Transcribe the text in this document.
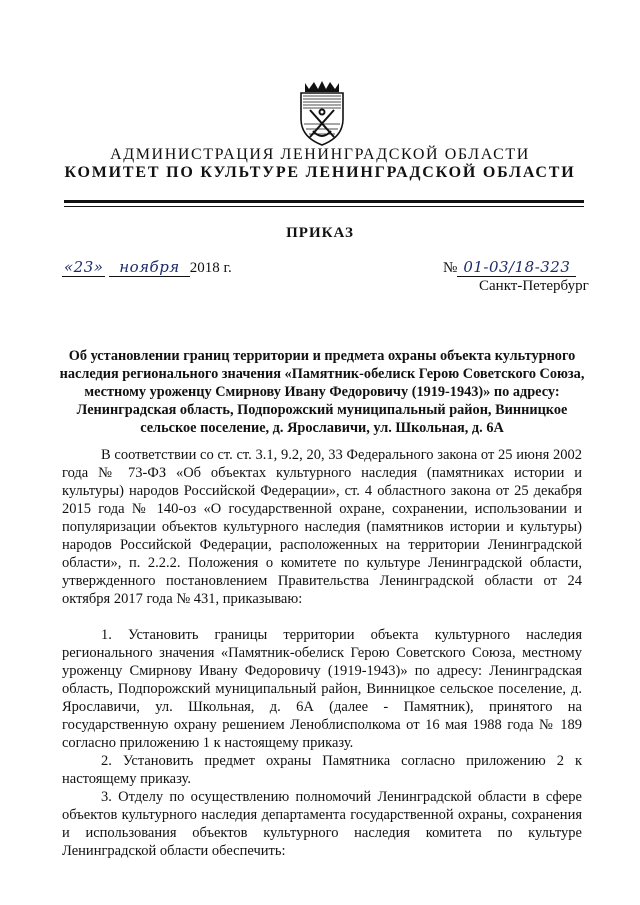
АДМИНИСТРАЦИЯ ЛЕНИНГРАДСКОЙ ОБЛАСТИ
КОМИТЕТ ПО КУЛЬТУРЕ ЛЕНИНГРАДСКОЙ ОБЛАСТИ
ПРИКАЗ
«23» ноября 2018 г.	№ 01-03/18-323
Санкт-Петербург
Об установлении границ территории и предмета охраны объекта культурного наследия регионального значения «Памятник-обелиск Герою Советского Союза, местному уроженцу Смирнову Ивану Федоровичу (1919-1943)» по адресу: Ленинградская область, Подпорожский муниципальный район, Винницкое сельское поселение, д. Ярославичи, ул. Школьная, д. 6А

В соответствии со ст. ст. 3.1, 9.2, 20, 33 Федерального закона от 25 июня 2002 года № 73-ФЗ «Об объектах культурного наследия (памятниках истории и культуры) народов Российской Федерации», ст. 4 областного закона от 25 декабря 2015 года № 140-оз «О государственной охране, сохранении, использовании и популяризации объектов культурного наследия (памятников истории и культуры) народов Российской Федерации, расположенных на территории Ленинградской области», п. 2.2.2. Положения о комитете по культуре Ленинградской области, утвержденного постановлением Правительства Ленинградской области от 24 октября 2017 года № 431, приказываю:

1. Установить границы территории объекта культурного наследия регионального значения «Памятник-обелиск Герою Советского Союза, местному уроженцу Смирнову Ивану Федоровичу (1919-1943)» по адресу: Ленинградская область, Подпорожский муниципальный район, Винницкое сельское поселение, д. Ярославичи, ул. Школьная, д. 6А (далее - Памятник), принятого на государственную охрану решением Леноблисполкома от 16 мая 1988 года № 189 согласно приложению 1 к настоящему приказу.

2. Установить предмет охраны Памятника согласно приложению 2 к настоящему приказу.

3. Отделу по осуществлению полномочий Ленинградской области в сфере объектов культурного наследия департамента государственной охраны, сохранения и использования объектов культурного наследия комитета по культуре Ленинградской области обеспечить:
